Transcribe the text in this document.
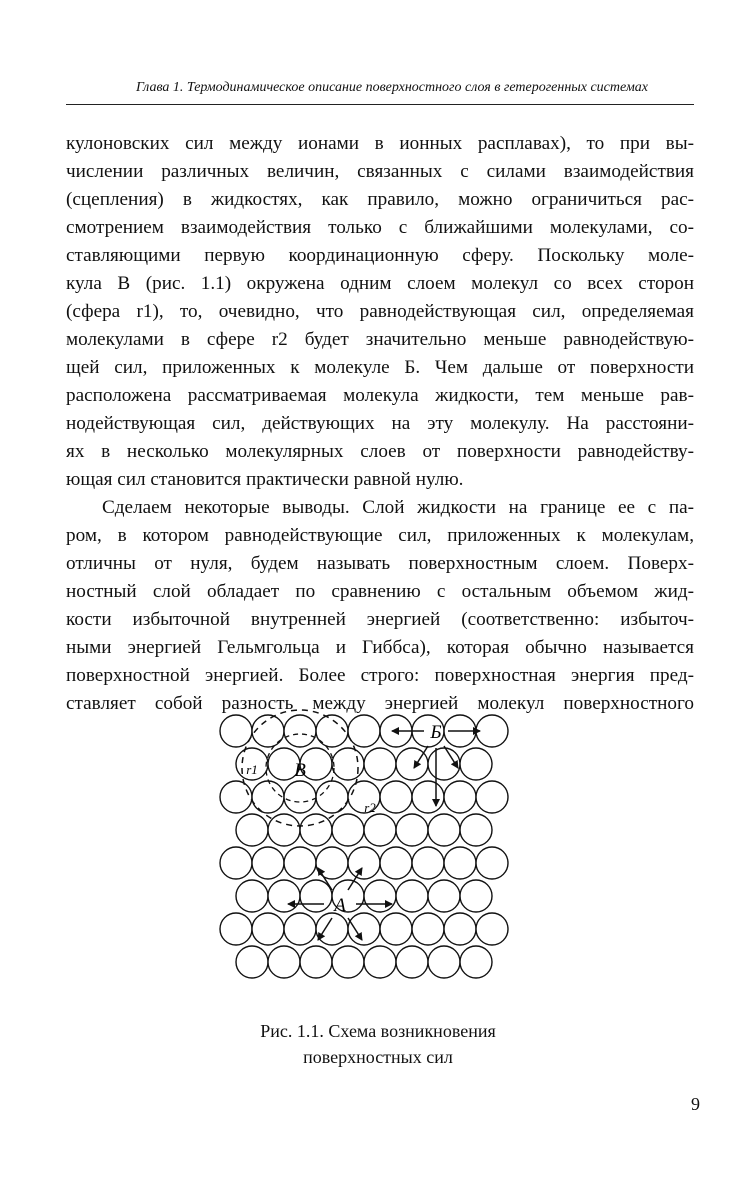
Глава 1. Термодинамическое описание поверхностного слоя в гетерогенных системах

кулоновских сил между ионами в ионных расплавах), то при вы-
числении различных величин, связанных с силами взаимодействия
(сцепления) в жидкостях, как правило, можно ограничиться рас-
смотрением взаимодействия только с ближайшими молекулами, со-
ставляющими первую координационную сферу. Поскольку моле-
кула В (рис. 1.1) окружена одним слоем молекул со всех сторон
(сфера r1), то, очевидно, что равнодействующая сил, определяемая
молекулами в сфере r2 будет значительно меньше равнодействую-
щей сил, приложенных к молекуле Б. Чем дальше от поверхности
расположена рассматриваемая молекула жидкости, тем меньше рав-
нодействующая сил, действующих на эту молекулу. На расстояни-
ях в несколько молекулярных слоев от поверхности равнодейству-
ющая сил становится практически равной нулю.

Сделаем некоторые выводы. Слой жидкости на границе ее с па-
ром, в котором равнодействующие сил, приложенных к молекулам,
отличны от нуля, будем называть поверхностным слоем. Поверх-
ностный слой обладает по сравнению с остальным объемом жид-
кости избыточной внутренней энергией (соответственно: избыточ-
ными энергией Гельмгольца и Гиббса), которая обычно называется
поверхностной энергией. Более строго: поверхностная энергия пред-
ставляет собой разность между энергией молекул поверхностного

Б
В
А
r1
r2
Рис. 1.1. Схема возникновения
поверхностных сил
9
